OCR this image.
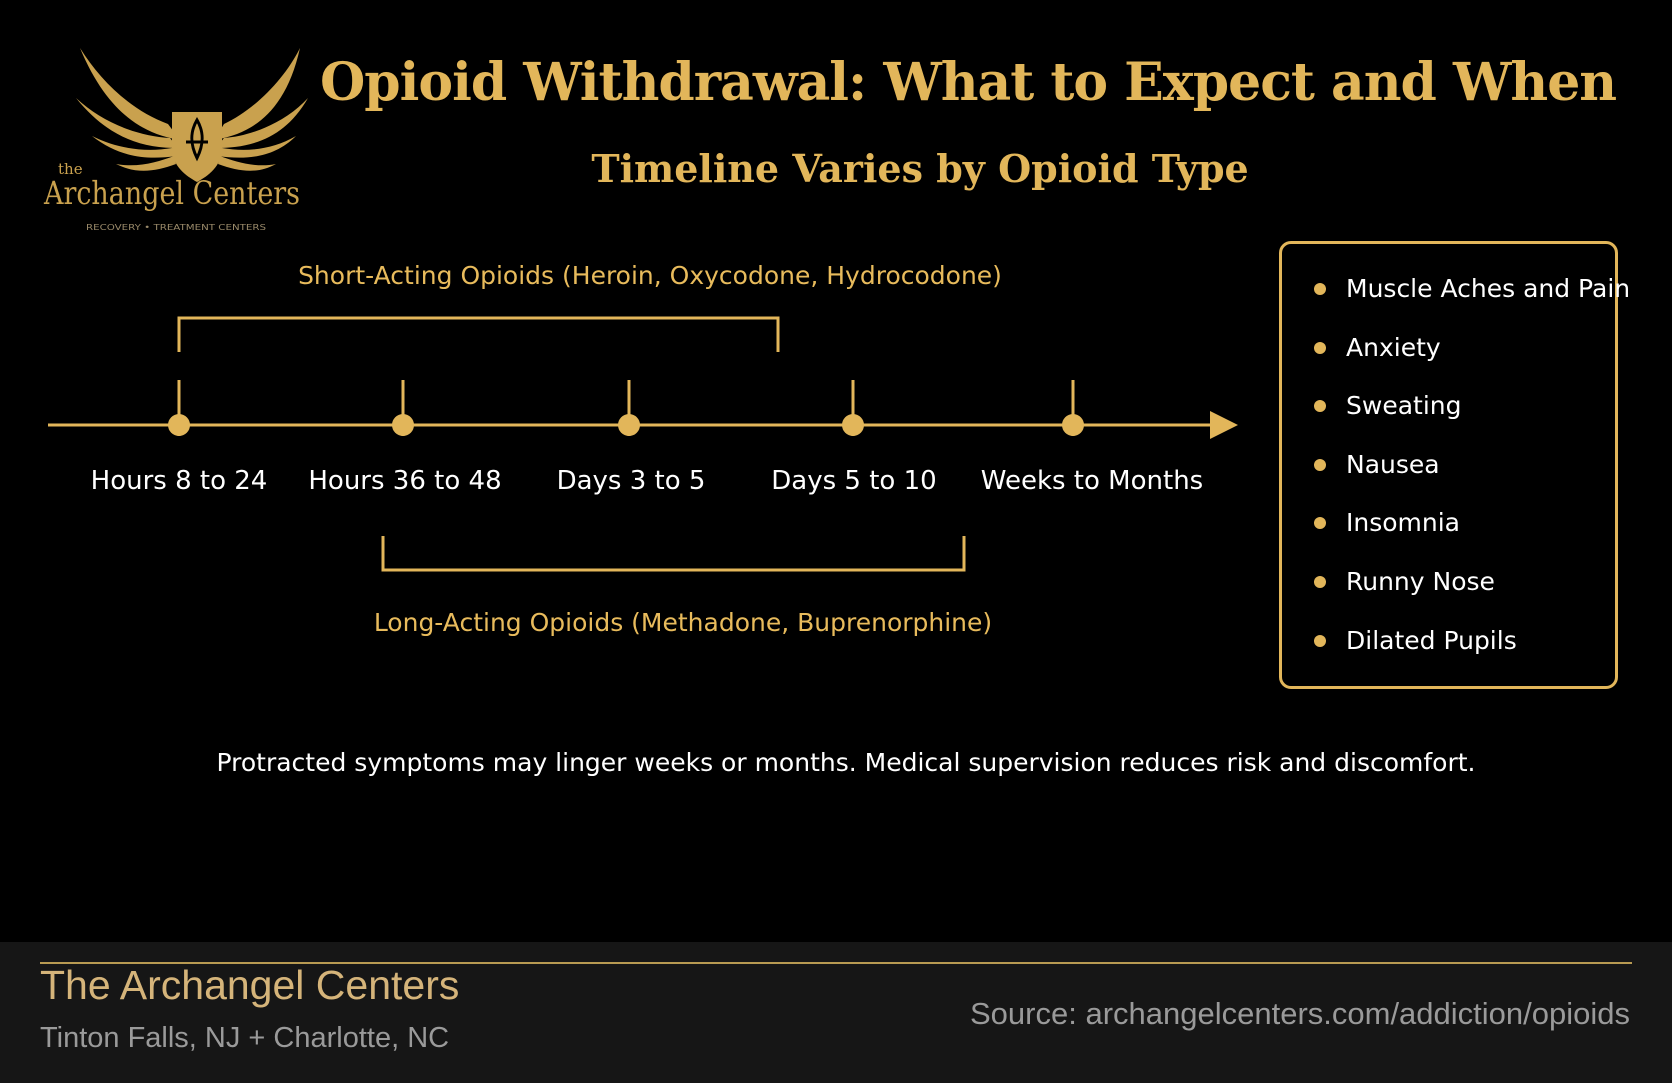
the
Archangel Centers
RECOVERY • TREATMENT CENTERS
Opioid Withdrawal: What to Expect and When
Timeline Varies by Opioid Type
Short-Acting Opioids (Heroin, Oxycodone, Hydrocodone)
Long-Acting Opioids (Methadone, Buprenorphine)
Hours 8 to 24	Hours 36 to 48	Days 3 to 5	Days 5 to 10	Weeks to Months
Muscle Aches and Pain
Anxiety
Sweating
Nausea
Insomnia
Runny Nose
Dilated Pupils
Protracted symptoms may linger weeks or months. Medical supervision reduces risk and discomfort.
The Archangel Centers
Tinton Falls, NJ + Charlotte, NC
Source: archangelcenters.com/addiction/opioids
